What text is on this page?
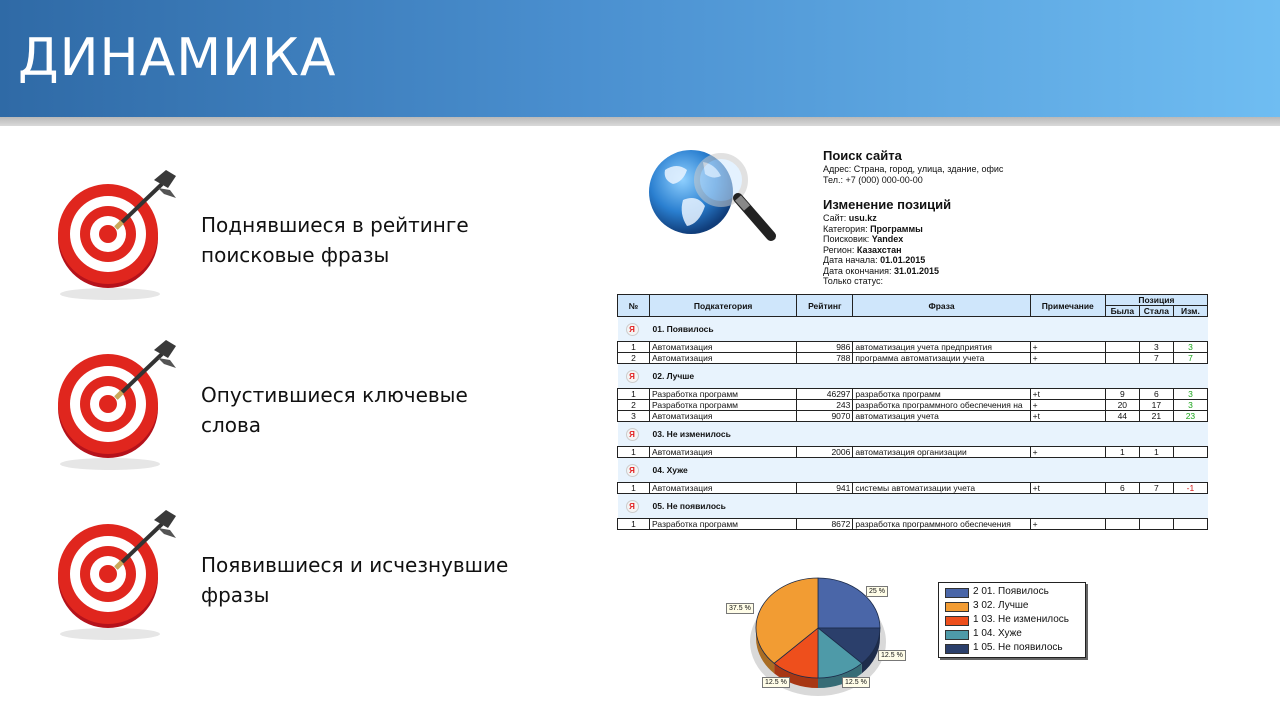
ДИНАМИКА
Поднявшиеся в рейтинге поисковые фразы
Опустившиеся ключевые слова
Появившиеся и исчезнувшие фразы
Поиск сайта
Адрес: Страна, город, улица, здание, офис
Тел.: +7 (000) 000-00-00
Изменение позиций
Сайт: usu.kz
Категория: Программы
Поисковик: Yandex
Регион: Казахстан
Дата начала: 01.01.2015
Дата окончания: 31.01.2015
Только статус:
№	Подкатегория	Рейтинг	Фраза	Примечание	Позиция		
					Была	Стала	Изм.
Я 01. Появилось							
1	Автоматизация	986	автоматизация учета предприятия	+		3	3
2	Автоматизация	788	программа автоматизации учета	+		7	7
Я 02. Лучше							
1	Разработка программ	46297	разработка программ	+t	9	6	3
2	Разработка программ	243	разработка программного обеспечения на	+	20	17	3
3	Автоматизация	9070	автоматизация учета	+t	44	21	23
Я 03. Не изменилось							
1	Автоматизация	2006	автоматизация организации	+	1	1	
Я 04. Хуже							
1	Автоматизация	941	системы автоматизации учета	+t	6	7	-1
Я 05. Не появилось							
1	Разработка программ	8672	разработка программного обеспечения	+			
25 %
37.5 %
12.5 %	12.5 %
12.5 %
2 01. Появилось
3 02. Лучше
1 03. Не изменилось
1 04. Хуже
1 05. Не появилось
